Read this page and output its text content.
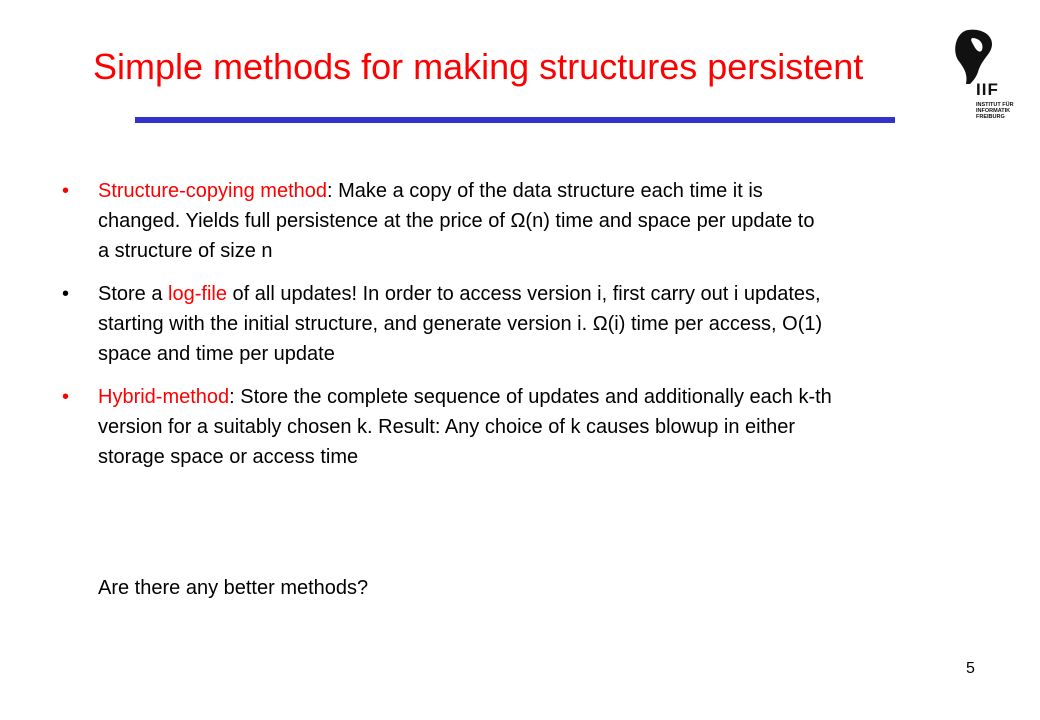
Simple methods for making structures persistent
IIF
INSTITUT FÜR
INFORMATIK
FREIBURG
• Structure-copying method: Make a copy of the data structure each time it is
changed. Yields full persistence at the price of Ω(n) time and space per update to
a structure of size n
• Store a log-file of all updates! In order to access version i, first carry out i updates,
starting with the initial structure, and generate version i. Ω(i) time per access, O(1)
space and time per update
• Hybrid-method: Store the complete sequence of updates and additionally each k-th
version for a suitably chosen k. Result: Any choice of k causes blowup in either
storage space or access time
Are there any better methods?
5
